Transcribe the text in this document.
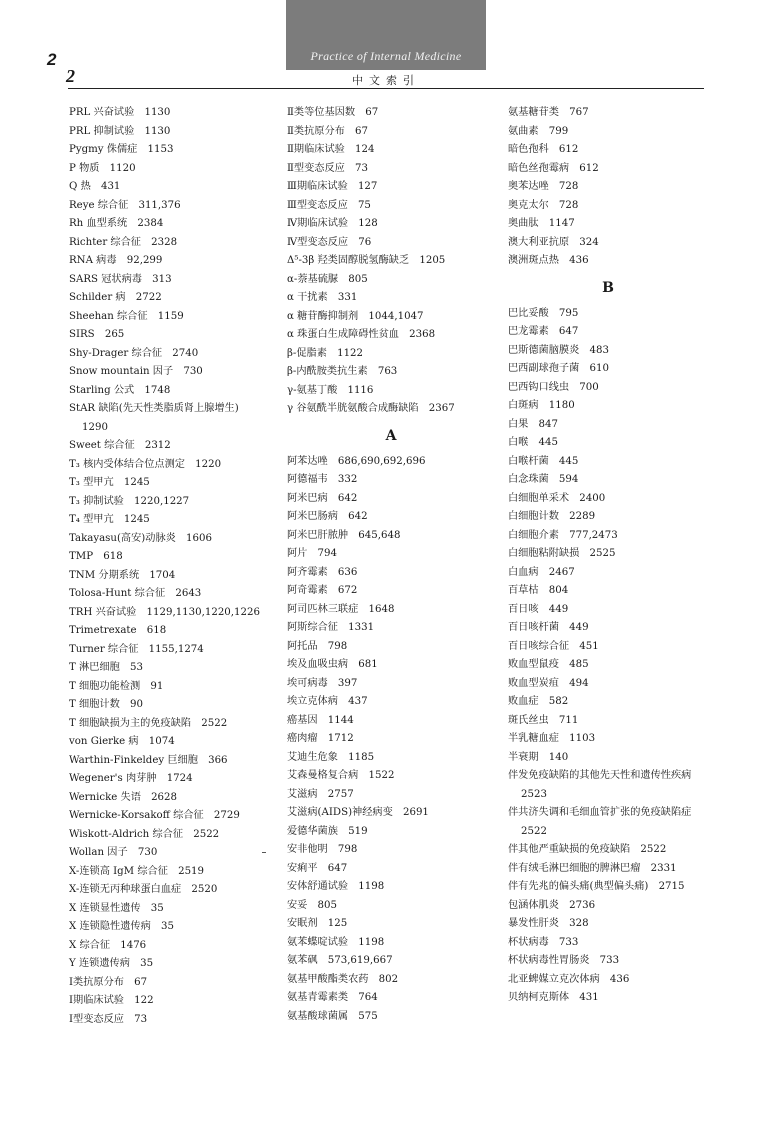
2
2
Practice of Internal Medicine
中文索引
PRL 兴奋试验　1130
PRL 抑制试验　1130
Pygmy 侏儒症　1153
P 物质　1120
Q 热　431
Reye 综合征　311,376
Rh 血型系统　2384
Richter 综合征　2328
RNA 病毒　92,299
SARS 冠状病毒　313
Schilder 病　2722
Sheehan 综合征　1159
SIRS　265
Shy-Drager 综合征　2740
Snow mountain 因子　730
Starling 公式　1748
StAR 缺陷(先天性类脂质肾上腺增生)　1290
Sweet 综合征　2312
T₃ 核内受体结合位点测定　1220
T₃ 型甲亢　1245
T₃ 抑制试验　1220,1227
T₄ 型甲亢　1245
Takayasu(高安)动脉炎　1606
TMP　618
TNM 分期系统　1704
Tolosa-Hunt 综合征　2643
TRH 兴奋试验　1129,1130,1220,1226
Trimetrexate　618
Turner 综合征　1155,1274
T 淋巴细胞　53
T 细胞功能检测　91
T 细胞计数　90
T 细胞缺损为主的免疫缺陷　2522
von Gierke 病　1074
Warthin-Finkeldey 巨细胞　366
Wegener's 肉芽肿　1724
Wernicke 失语　2628
Wernicke-Korsakoff 综合征　2729
Wiskott-Aldrich 综合征　2522
Wollan 因子　730
X-连锁高 IgM 综合征　2519
X-连锁无丙种球蛋白血症　2520
X 连锁显性遗传　35
X 连锁隐性遗传病　35
X 综合征　1476
Y 连锁遗传病　35
Ⅰ类抗原分布　67
Ⅰ期临床试验　122
Ⅰ型变态反应　73
Ⅱ类等位基因数　67
Ⅱ类抗原分布　67
Ⅱ期临床试验　124
Ⅱ型变态反应　73
Ⅲ期临床试验　127
Ⅲ型变态反应　75
Ⅳ期临床试验　128
Ⅳ型变态反应　76
Δ⁵-3β 羟类固醇脱氢酶缺乏　1205
α-萘基硫脲　805
α 干扰素　331
α 糖苷酶抑制剂　1044,1047
α 珠蛋白生成障碍性贫血　2368
β-促脂素　1122
β-内酰胺类抗生素　763
γ-氨基丁酸　1116
γ 谷氨酰半胱氨酸合成酶缺陷　2367
A
阿苯达唑　686,690,692,696
阿德福韦　332
阿米巴病　642
阿米巴肠病　642
阿米巴肝脓肿　645,648
阿片　794
阿齐霉素　636
阿奇霉素　672
阿司匹林三联症　1648
阿斯综合征　1331
阿托品　798
埃及血吸虫病　681
埃可病毒　397
埃立克体病　437
癌基因　1144
癌肉瘤　1712
艾迪生危象　1185
艾森曼格复合病　1522
艾滋病　2757
艾滋病(AIDS)神经病变　2691
爱德华菌族　519
安非他明　798
安痢平　647
安体舒通试验　1198
安妥　805
安眠剂　125
氨苯蝶啶试验　1198
氨苯砜　573,619,667
氨基甲酸酯类农药　802
氨基青霉素类　764
氨基酸球菌属　575
氨基糖苷类　767
氨曲素　799
暗色孢科　612
暗色丝孢霉病　612
奥苯达唑　728
奥克太尔　728
奥曲肽　1147
澳大利亚抗原　324
澳洲斑点热　436
B
巴比妥酸　795
巴龙霉素　647
巴斯德菌脑膜炎　483
巴西副球孢子菌　610
巴西钩口线虫　700
白斑病　1180
白果　847
白喉　445
白喉杆菌　445
白念珠菌　594
白细胞单采术　2400
白细胞计数　2289
白细胞介素　777,2473
白细胞粘附缺损　2525
白血病　2467
百草枯　804
百日咳　449
百日咳杆菌　449
百日咳综合征　451
败血型鼠疫　485
败血型炭疽　494
败血症　582
斑氏丝虫　711
半乳糖血症　1103
半衰期　140
伴发免疫缺陷的其他先天性和遗传性疾病　2523
伴共济失调和毛细血管扩张的免疫缺陷症　2522
伴其他严重缺损的免疫缺陷　2522
伴有绒毛淋巴细胞的脾淋巴瘤　2331
伴有先兆的偏头痛(典型偏头痛)　2715
包涵体肌炎　2736
暴发性肝炎　328
杯状病毒　733
杯状病毒性胃肠炎　733
北亚蜱媒立克次体病　436
贝纳柯克斯体　431
